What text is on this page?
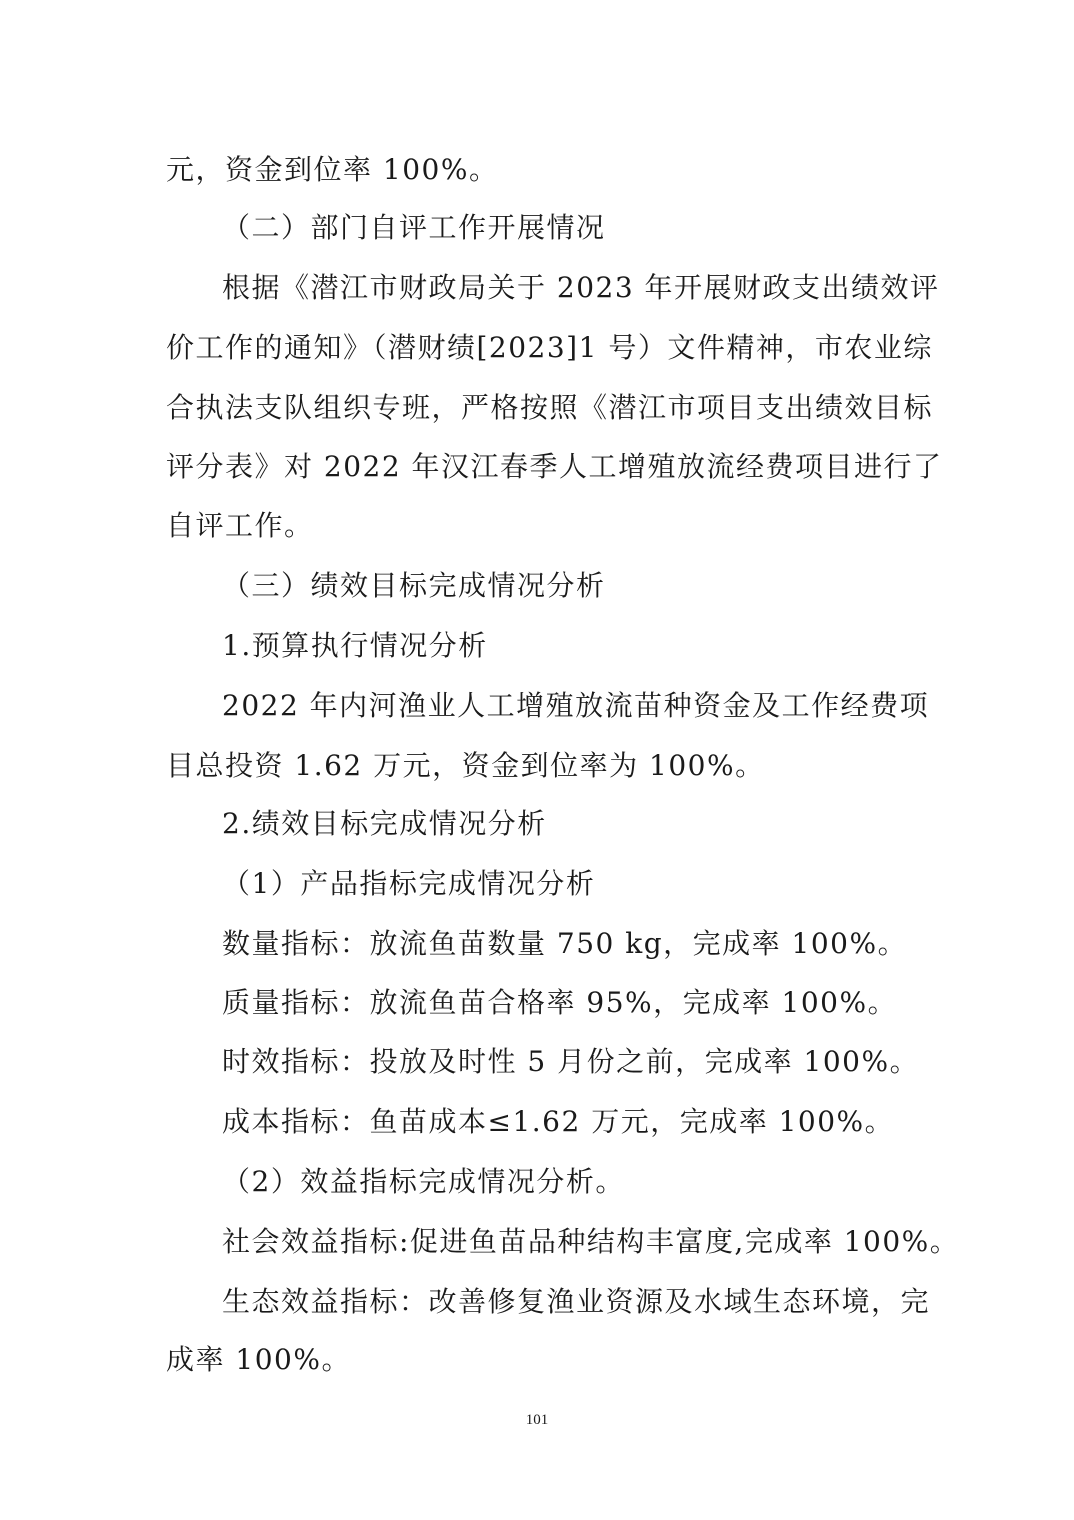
元，资金到位率 100%。
（二）部门自评工作开展情况
根据《潜江市财政局关于 2023 年开展财政支出绩效评
价工作的通知》（潜财绩[2023]1 号）文件精神，市农业综
合执法支队组织专班，严格按照《潜江市项目支出绩效目标
评分表》对 2022 年汉江春季人工增殖放流经费项目进行了
自评工作。
（三）绩效目标完成情况分析
1.预算执行情况分析
2022 年内河渔业人工增殖放流苗种资金及工作经费项
目总投资 1.62 万元，资金到位率为 100%。
2.绩效目标完成情况分析
（1）产品指标完成情况分析
数量指标：放流鱼苗数量 750 kg，完成率 100%。
质量指标：放流鱼苗合格率 95%，完成率 100%。
时效指标：投放及时性 5 月份之前，完成率 100%。
成本指标：鱼苗成本≤1.62 万元，完成率 100%。
（2）效益指标完成情况分析。
社会效益指标:促进鱼苗品种结构丰富度,完成率 100%。
生态效益指标：改善修复渔业资源及水域生态环境，完
成率 100%。
101
